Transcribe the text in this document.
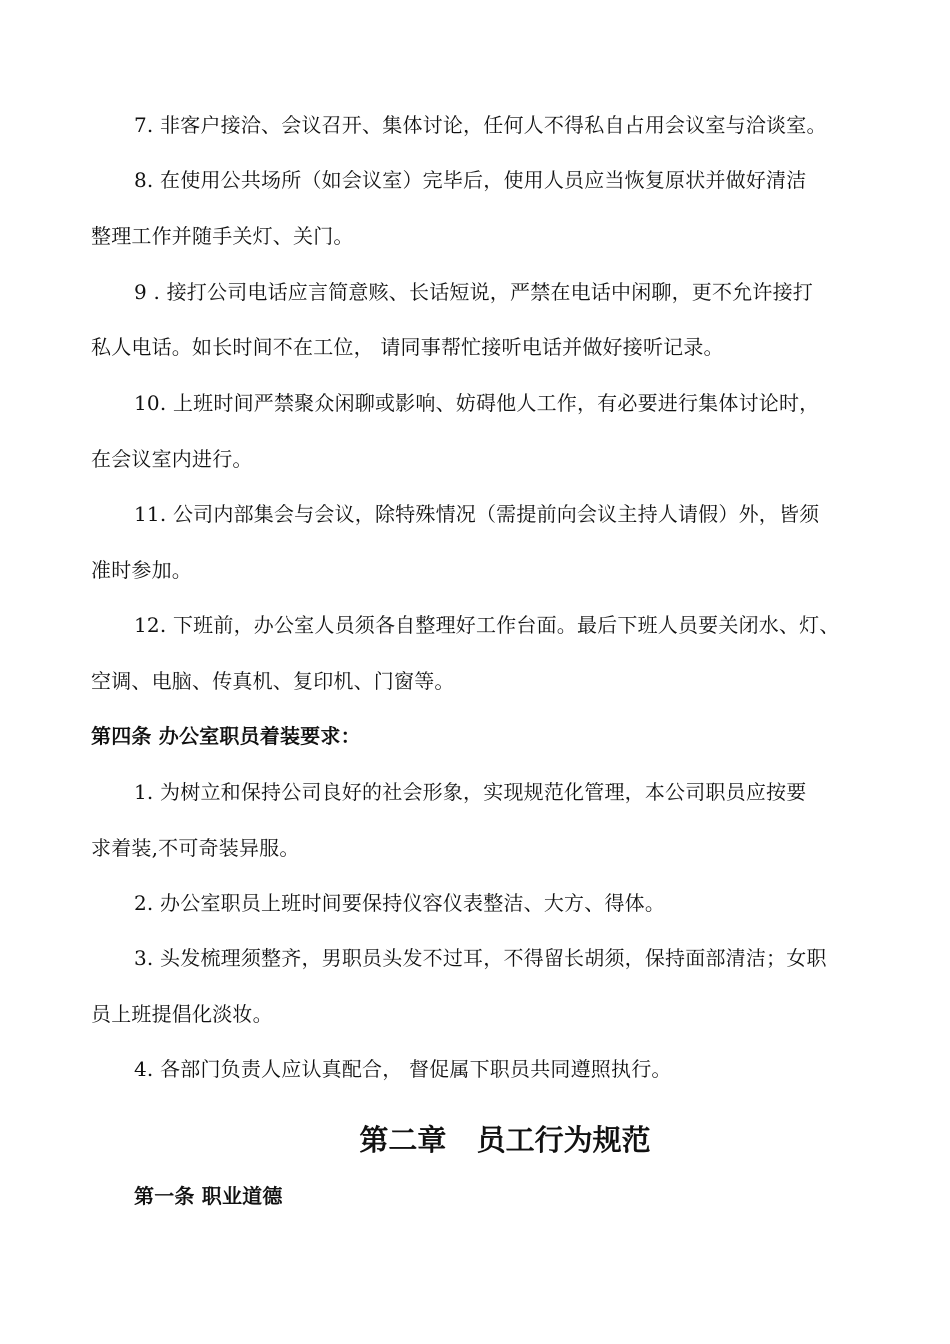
7. 非客户接洽、会议召开、集体讨论，任何人不得私自占用会议室与洽谈室。
8. 在使用公共场所（如会议室）完毕后，使用人员应当恢复原状并做好清洁
整理工作并随手关灯、关门。
9 . 接打公司电话应言简意赅、长话短说，严禁在电话中闲聊，更不允许接打
私人电话。如长时间不在工位， 请同事帮忙接听电话并做好接听记录。
10. 上班时间严禁聚众闲聊或影响、妨碍他人工作，有必要进行集体讨论时，
在会议室内进行。
11. 公司内部集会与会议，除特殊情况（需提前向会议主持人请假）外，皆须
准时参加。
12. 下班前，办公室人员须各自整理好工作台面。最后下班人员要关闭水、灯、
空调、电脑、传真机、复印机、门窗等。
第四条 办公室职员着装要求：
1. 为树立和保持公司良好的社会形象，实现规范化管理，本公司职员应按要
求着装,不可奇装异服。
2. 办公室职员上班时间要保持仪容仪表整洁、大方、得体。
3. 头发梳理须整齐，男职员头发不过耳，不得留长胡须，保持面部清洁；女职
员上班提倡化淡妆。
4. 各部门负责人应认真配合， 督促属下职员共同遵照执行。
第二章   员工行为规范
第一条 职业道德
